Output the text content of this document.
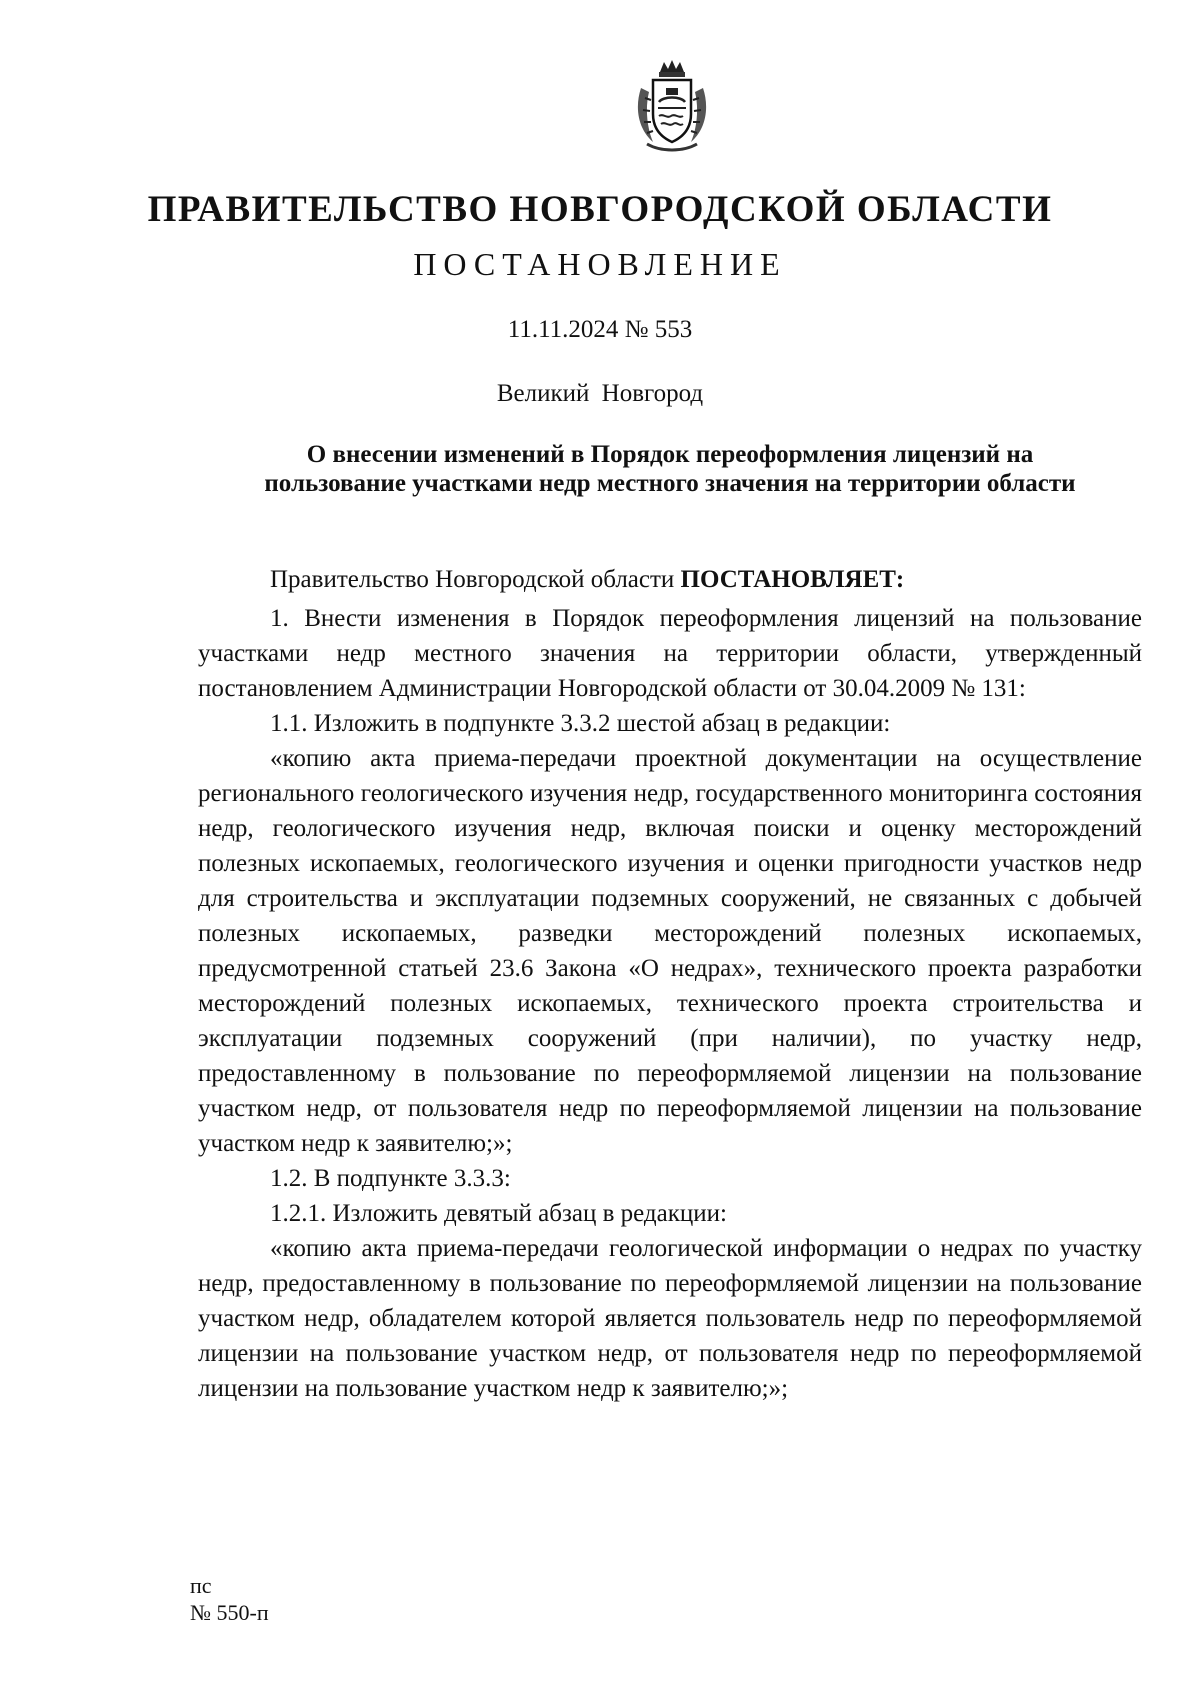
ПРАВИТЕЛЬСТВО НОВГОРОДСКОЙ ОБЛАСТИ
ПОСТАНОВЛЕНИЕ
11.11.2024 № 553
Великий Новгород
О внесении изменений в Порядок переоформления лицензий на
пользование участками недр местного значения на территории области

Правительство Новгородской области ПОСТАНОВЛЯЕТ:

1. Внести изменения в Порядок переоформления лицензий на пользование участками недр местного значения на территории области, утвержденный постановлением Администрации Новгородской области от 30.04.2009 № 131:

1.1. Изложить в подпункте 3.3.2 шестой абзац в редакции:

«копию акта приема-передачи проектной документации на осуществление регионального геологического изучения недр, государственного мониторинга состояния недр, геологического изучения недр, включая поиски и оценку месторождений полезных ископаемых, геологического изучения и оценки пригодности участков недр для строительства и эксплуатации подземных сооружений, не связанных с добычей полезных ископаемых, разведки месторождений полезных ископаемых, предусмотренной статьей 23.6 Закона «О недрах», технического проекта разработки месторождений полезных ископаемых, технического проекта строительства и эксплуатации подземных сооружений (при наличии), по участку недр, предоставленному в пользование по переоформляемой лицензии на пользование участком недр, от пользователя недр по переоформляемой лицензии на пользование участком недр к заявителю;»;

1.2. В подпункте 3.3.3:

1.2.1. Изложить девятый абзац в редакции:

«копию акта приема-передачи геологической информации о недрах по участку недр, предоставленному в пользование по переоформляемой лицензии на пользование участком недр, обладателем которой является пользователь недр по переоформляемой лицензии на пользование участком недр, от пользователя недр по переоформляемой лицензии на пользование участком недр к заявителю;»;

пс
№ 550-п
